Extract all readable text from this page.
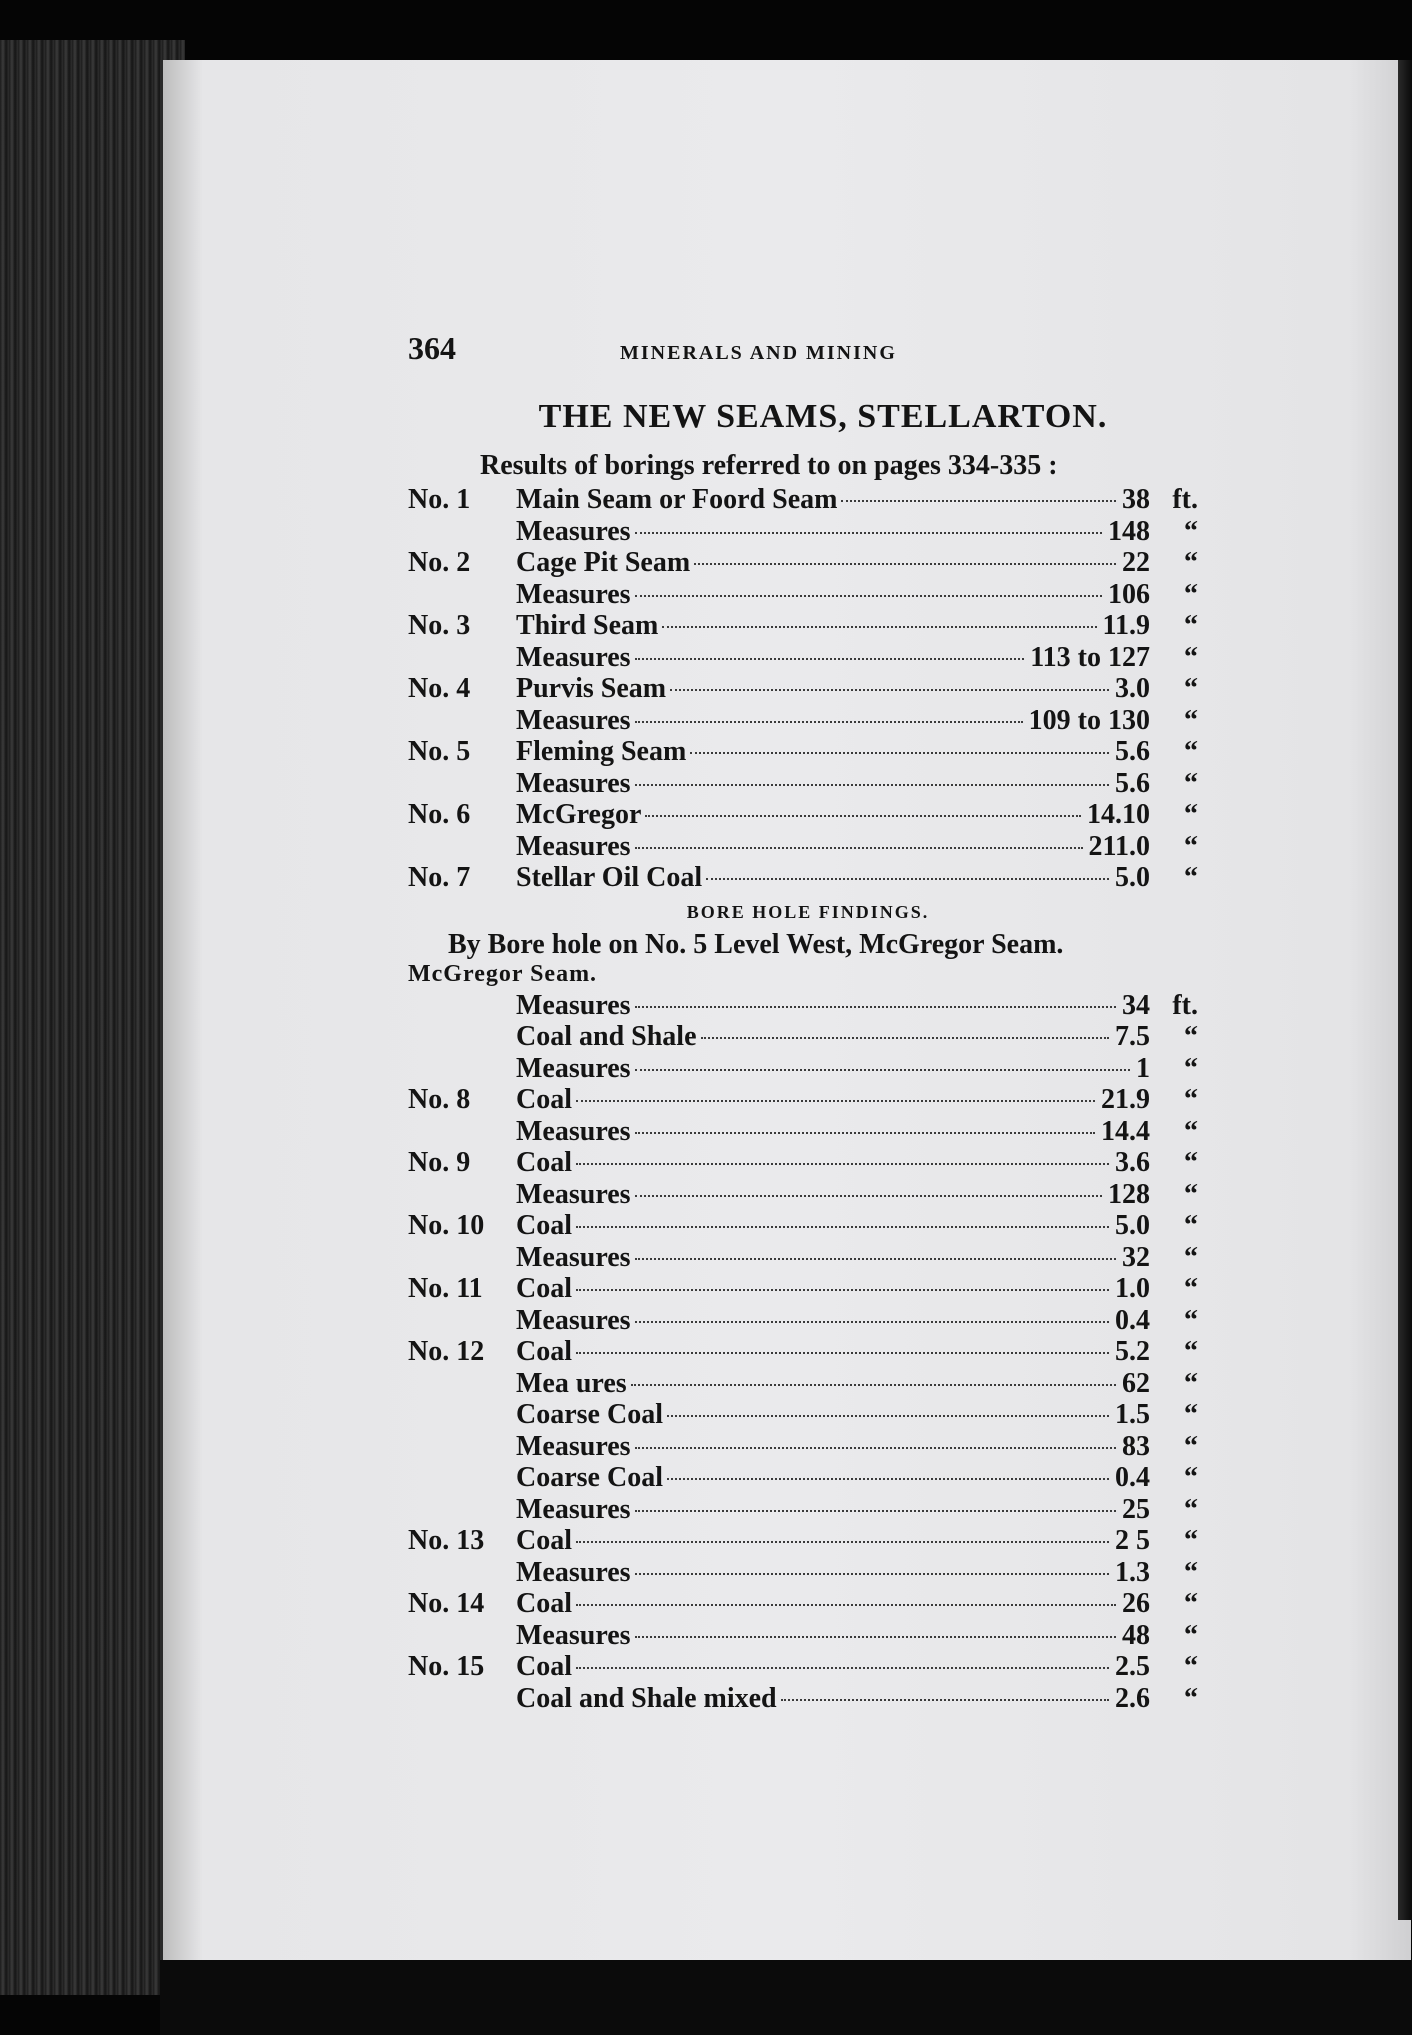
364	MINERALS AND MINING
THE NEW SEAMS, STELLARTON.
Results of borings referred to on pages 334-335 :
No. 1	Main Seam or Foord Seam	38 ft.
Measures	148	“
No. 2	Cage Pit Seam	22	“
Measures	106	“
No. 3	Third Seam	11.9	“
Measures	113 to 127	“
No. 4	Purvis Seam	3.0	“
Measures	109 to 130	“
No. 5	Fleming Seam	5.6	“
Measures	5.6	“
No. 6	McGregor	14.10	“
Measures	211.0	“
No. 7	Stellar Oil Coal	5.0	“
BORE HOLE FINDINGS.
By Bore hole on No. 5 Level West, McGregor Seam.
McGregor Seam.
Measures	34 ft.
Coal and Shale	7.5	“
Measures	1	“
No. 8	Coal	21.9	“
Measures	14.4	“
No. 9	Coal	3.6	“
Measures	128	“
No. 10	Coal	5.0	“
Measures	32	“
No. 11	Coal	1.0	“
Measures	0.4	“
No. 12	Coal	5.2	“
Mea ures	62	“
Coarse Coal	1.5	“
Measures	83	“
Coarse Coal	0.4	“
Measures	25	“
No. 13	Coal	2 5	“
Measures	1.3	“
No. 14	Coal	26	“
Measures	48	“
No. 15	Coal	2.5	“
Coal and Shale mixed	2.6	“
